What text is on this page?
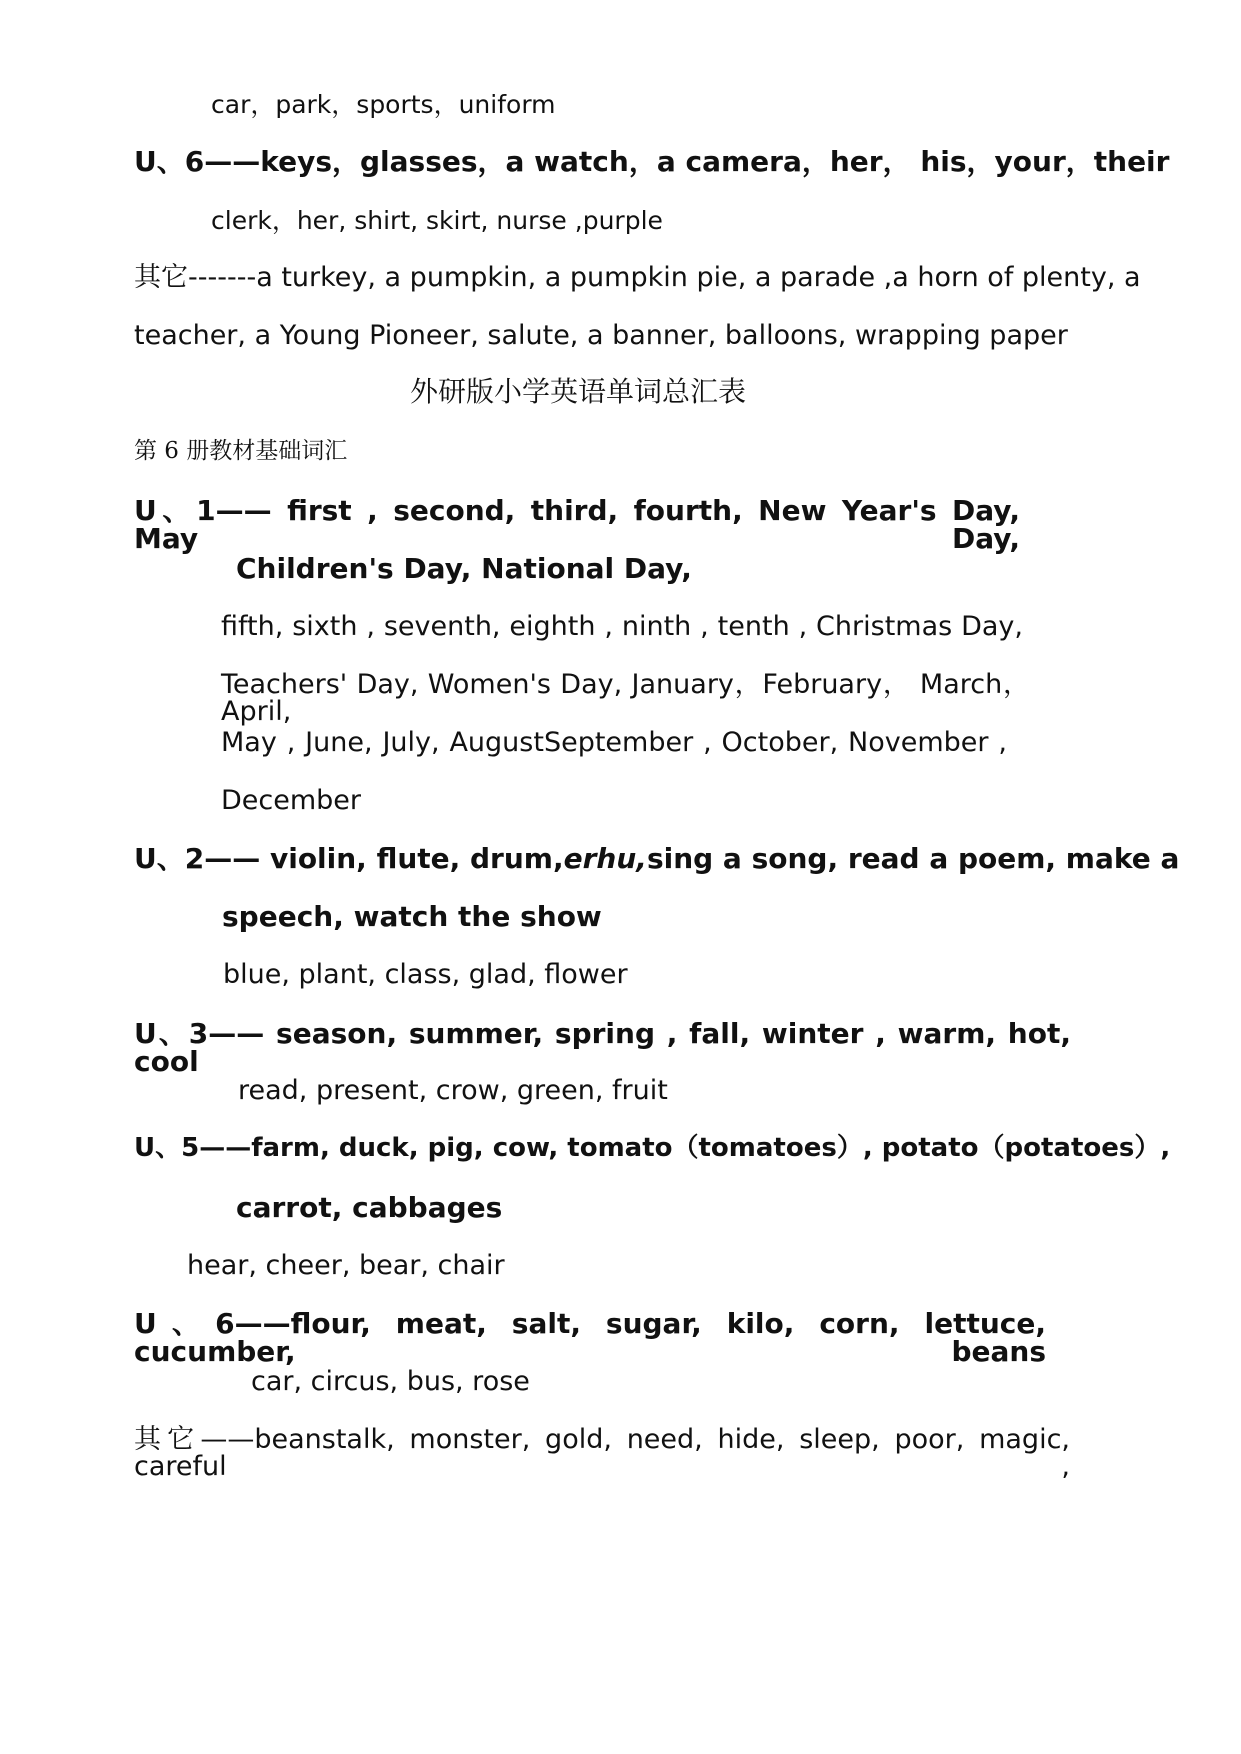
car，park，sports，uniform
U、6——keys，glasses，a watch，a camera，her， his，your，their
clerk，her, shirt, skirt, nurse ,purple
其它-------a turkey, a pumpkin, a pumpkin pie, a parade ,a horn of plenty, a
teacher, a Young Pioneer, salute, a banner, balloons, wrapping paper
外研版小学英语单词总汇表
第 6 册教材基础词汇
U、1—— first , second, third, fourth, New Year's Day, May Day,
Children's Day, National Day,
fifth, sixth , seventh, eighth , ninth , tenth , Christmas Day,
Teachers' Day, Women's Day, January，February， March，April,
May , June, July, AugustSeptember , October, November ,
December
U、2—— violin, flute, drum, erhu, sing a song, read a poem, make a
speech, watch the show
blue, plant, class, glad, flower
U、3—— season, summer, spring , fall, winter , warm, hot, cool
read, present, crow, green, fruit
U、5——farm, duck, pig, cow, tomato（tomatoes）, potato（potatoes）,
carrot, cabbages
hear, cheer, bear, chair
U、6——flour, meat, salt, sugar, kilo, corn, lettuce, cucumber, beans
car, circus, bus, rose
其它——beanstalk, monster, gold, need, hide, sleep, poor, magic, careful ,
